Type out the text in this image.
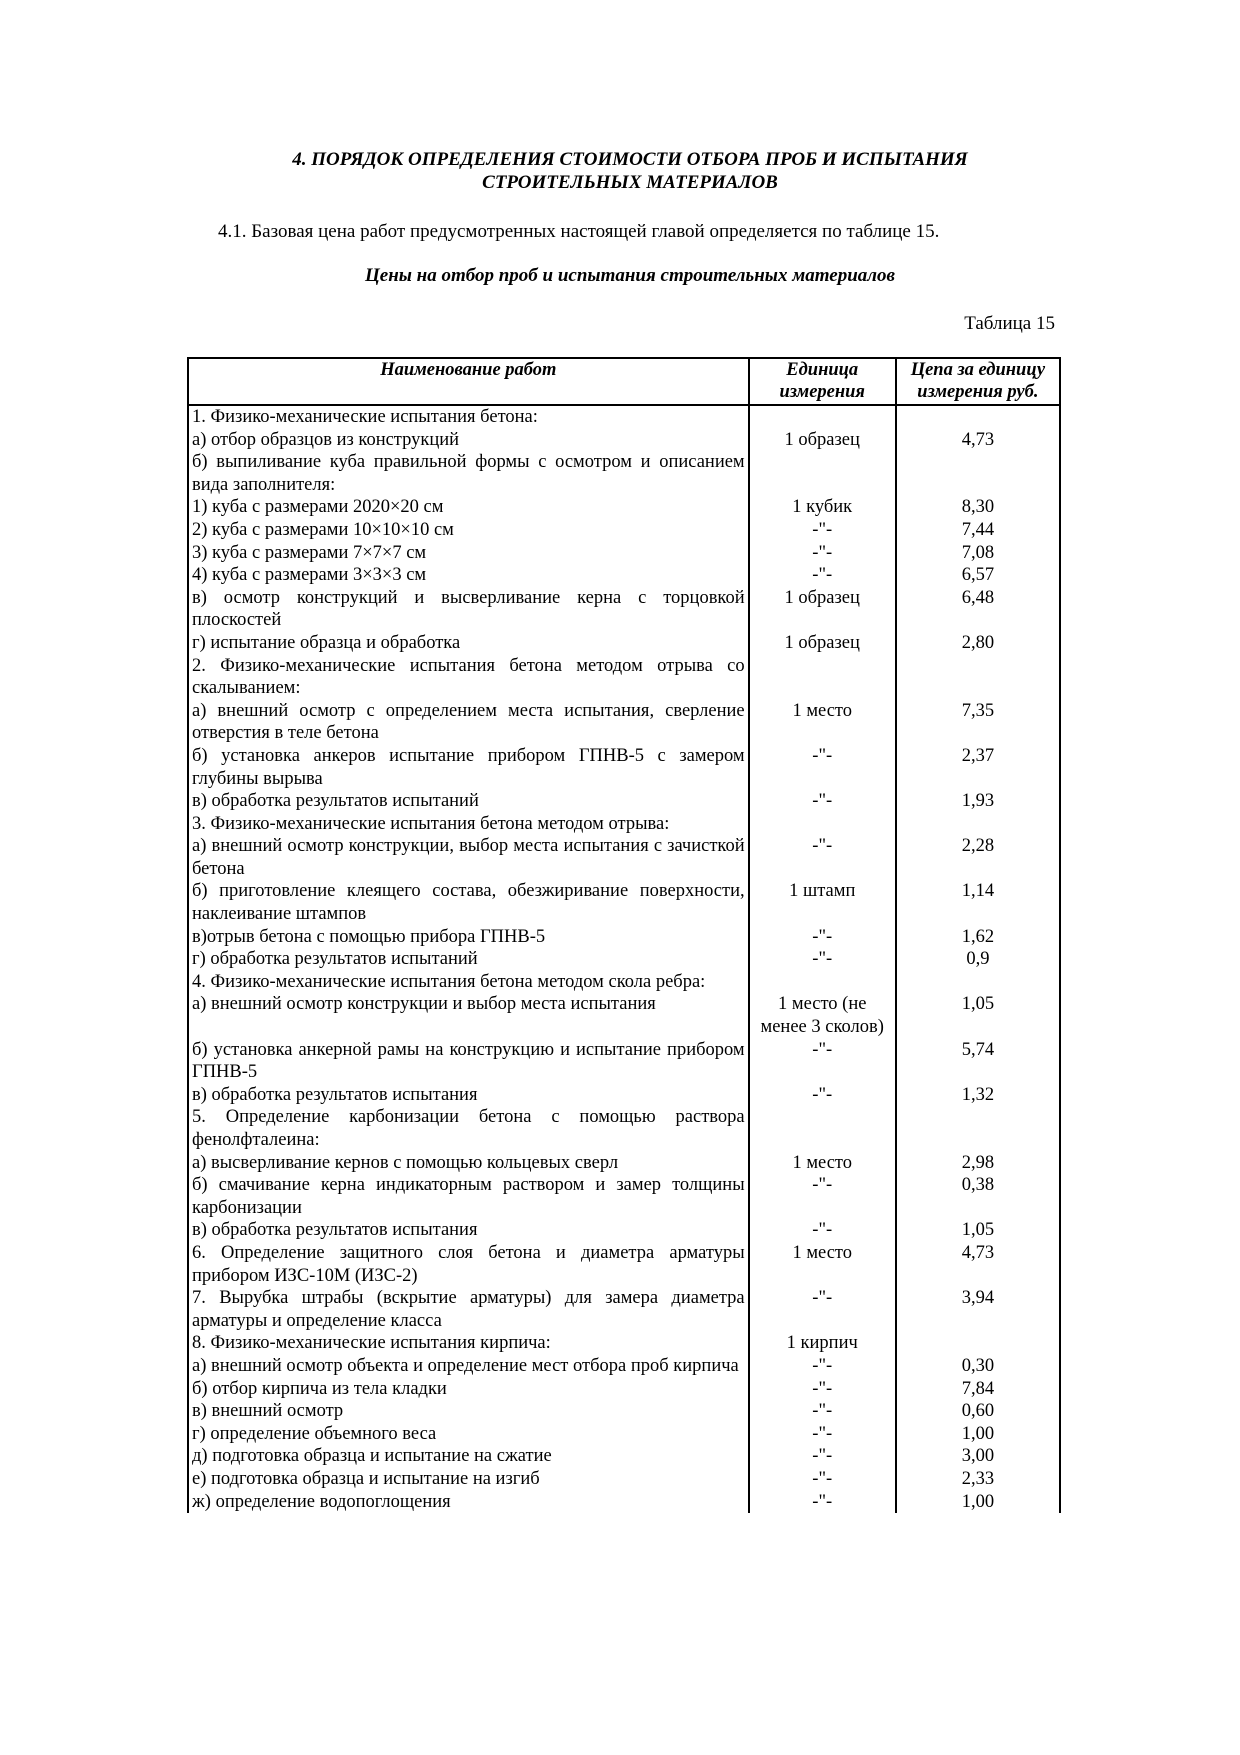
4. ПОРЯДОК ОПРЕДЕЛЕНИЯ СТОИМОСТИ ОТБОРА ПРОБ И ИСПЫТАНИЯ
СТРОИТЕЛЬНЫХ МАТЕРИАЛОВ
4.1. Базовая цена работ предусмотренных настоящей главой определяется по таблице 15.
Цены на отбор проб и испытания строительных материалов
Таблица 15
Наименование работ	Единица измерения	Цепа за единицу измерения руб.
1. Физико-механические испытания бетона:		
а) отбор образцов из конструкций	1 образец	4,73
б) выпиливание куба правильной формы с осмотром и описанием вида заполнителя:		
1) куба с размерами 2020×20 см	1 кубик	8,30
2) куба с размерами 10×10×10 см	-"-	7,44
3) куба с размерами 7×7×7 см	-"-	7,08
4) куба с размерами 3×3×3 см	-"-	6,57
в) осмотр конструкций и высверливание керна с торцовкой плоскостей	1 образец	6,48
г) испытание образца и обработка	1 образец	2,80
2. Физико-механические испытания бетона методом отрыва со скалыванием:		
а) внешний осмотр с определением места испытания, сверление отверстия в теле бетона	1 место	7,35
б) установка анкеров испытание прибором ГПНВ-5 с замером глубины вырыва	-"-	2,37
в) обработка результатов испытаний	-"-	1,93
3. Физико-механические испытания бетона методом отрыва:		
а) внешний осмотр конструкции, выбор места испытания с зачисткой бетона	-"-	2,28
б) приготовление клеящего состава, обезжиривание поверхности, наклеивание штампов	1 штамп	1,14
в)отрыв бетона с помощью прибора ГПНВ-5	-"-	1,62
г) обработка результатов испытаний	-"-	0,9
4. Физико-механические испытания бетона методом скола ребра:		
а) внешний осмотр конструкции и выбор места испытания	1 место (не менее 3 сколов)	1,05
б) установка анкерной рамы на конструкцию и испытание прибором ГПНВ-5	-"-	5,74
в) обработка результатов испытания	-"-	1,32
5. Определение карбонизации бетона с помощью раствора фенолфталеина:		
а) высверливание кернов с помощью кольцевых сверл	1 место	2,98
б) смачивание керна индикаторным раствором и замер толщины карбонизации	-"-	0,38
в) обработка результатов испытания	-"-	1,05
6. Определение защитного слоя бетона и диаметра арматуры прибором ИЗС-10М (ИЗС-2)	1 место	4,73
7. Вырубка штрабы (вскрытие арматуры) для замера диаметра арматуры и определение класса	-"-	3,94
8. Физико-механические испытания кирпича:	1 кирпич	
а) внешний осмотр объекта и определение мест отбора проб кирпича	-"-	0,30
б) отбор кирпича из тела кладки	-"-	7,84
в) внешний осмотр	-"-	0,60
г) определение объемного веса	-"-	1,00
д) подготовка образца и испытание на сжатие	-"-	3,00
е) подготовка образца и испытание на изгиб	-"-	2,33
ж) определение водопоглощения	-"-	1,00
